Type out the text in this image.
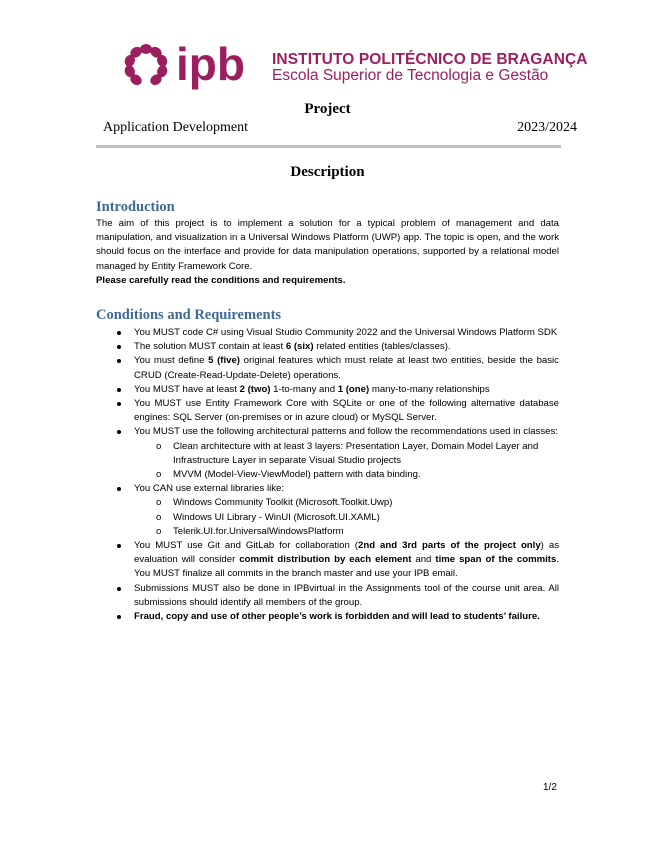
ipb INSTITUTO POLITÉCNICO DE BRAGANÇA
Escola Superior de Tecnologia e Gestão
Project
Application Development	2023/2024
Description
Introduction
The aim of this project is to implement a solution for a typical problem of management and data manipulation, and visualization in a Universal Windows Platform (UWP) app. The topic is open, and the work should focus on the interface and provide for data manipulation operations, supported by a relational model managed by Entity Framework Core.
Please carefully read the conditions and requirements.
Conditions and Requirements
You MUST code C# using Visual Studio Community 2022 and the Universal Windows Platform SDK
The solution MUST contain at least 6 (six) related entities (tables/classes).
You must define 5 (five) original features which must relate at least two entities, beside the basic CRUD (Create-Read-Update-Delete) operations.
You MUST have at least 2 (two) 1-to-many and 1 (one) many-to-many relationships
You MUST use Entity Framework Core with SQLite or one of the following alternative database engines: SQL Server (on-premises or in azure cloud) or MySQL Server.
You MUST use the following architectural patterns and follow the recommendations used in classes:
o Clean architecture with at least 3 layers: Presentation Layer, Domain Model Layer and Infrastructure Layer in separate Visual Studio projects
o MVVM (Model-View-ViewModel) pattern with data binding.
You CAN use external libraries like:
o Windows Community Toolkit (Microsoft.Toolkit.Uwp)
o Windows UI Library - WinUI (Microsoft.UI.XAML)
o Telerik.UI.for.UniversalWindowsPlatform
You MUST use Git and GitLab for collaboration (2nd and 3rd parts of the project only) as evaluation will consider commit distribution by each element and time span of the commits. You MUST finalize all commits in the branch master and use your IPB email.
Submissions MUST also be done in IPBvirtual in the Assignments tool of the course unit area. All submissions should identify all members of the group.
Fraud, copy and use of other people’s work is forbidden and will lead to students’ failure.
1/2
